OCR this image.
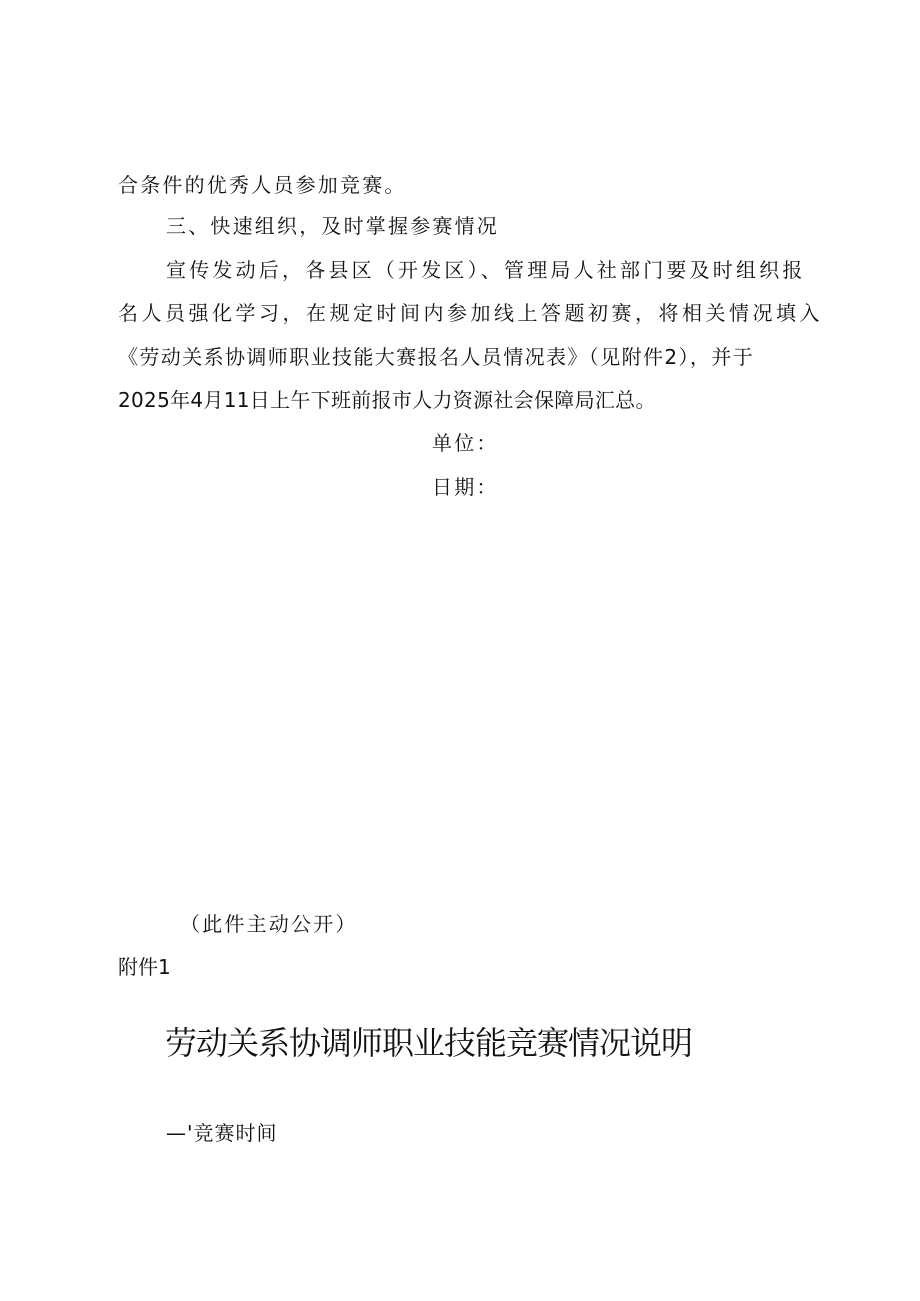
合条件的优秀人员参加竞赛。
三、快速组织，及时掌握参赛情况
宣传发动后，各县区（开发区）、管理局人社部门要及时组织报
名人员强化学习，在规定时间内参加线上答题初赛，将相关情况填入
《劳动关系协调师职业技能大赛报名人员情况表》（见附件2），并于
2025年4月11日上午下班前报市人力资源社会保障局汇总。
单位：
日期：
（此件主动公开）
附件1
劳动关系协调师职业技能竞赛情况说明
—'竞赛时间
